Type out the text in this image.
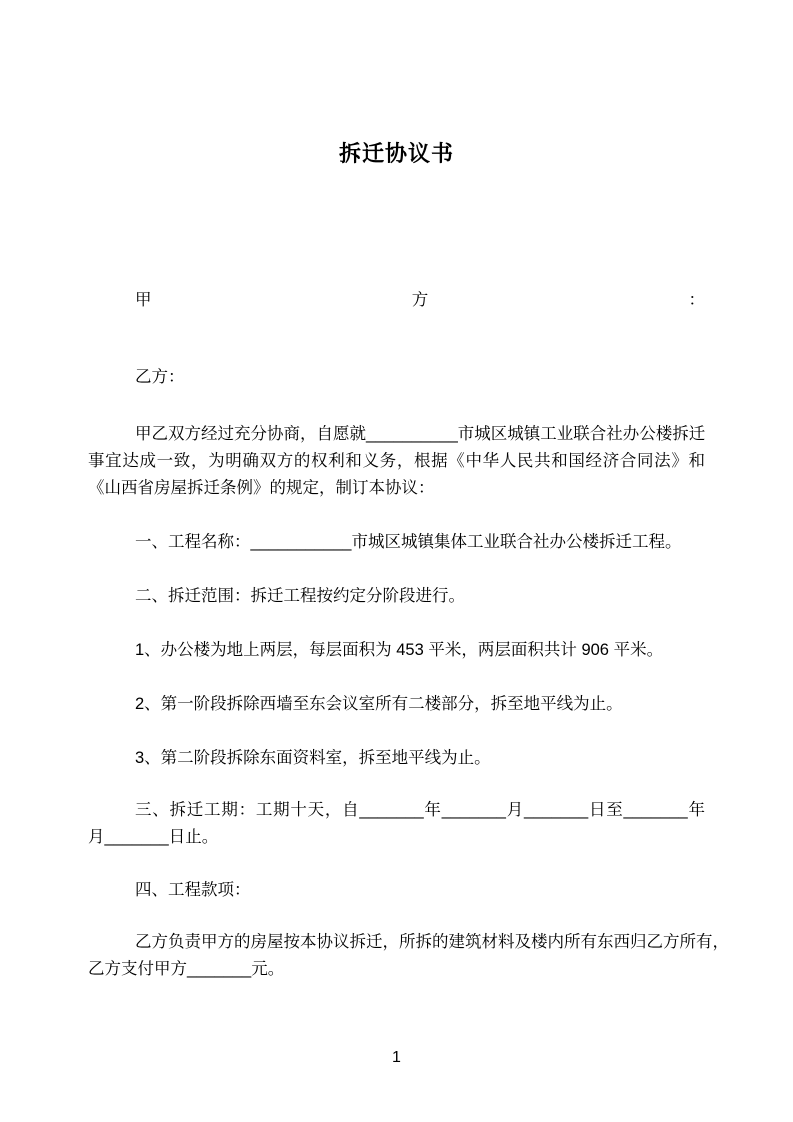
拆迁协议书

甲	方	：

乙方：

甲乙双方经过充分协商，自愿就__________市城区城镇工业联合社办公楼拆迁
事宜达成一致，为明确双方的权利和义务，根据《中华人民共和国经济合同法》和
《山西省房屋拆迁条例》的规定，制订本协议：

一、工程名称：___________市城区城镇集体工业联合社办公楼拆迁工程。

二、拆迁范围：拆迁工程按约定分阶段进行。

1、办公楼为地上两层，每层面积为 453 平米，两层面积共计 906 平米。

2、第一阶段拆除西墙至东会议室所有二楼部分，拆至地平线为止。

3、第二阶段拆除东面资料室，拆至地平线为止。

三、拆迁工期：工期十天，自_______年_______月_______日至_______年
月_______日止。

四、工程款项：

乙方负责甲方的房屋按本协议拆迁，所拆的建筑材料及楼内所有东西归乙方所有，
乙方支付甲方_______元。

1
